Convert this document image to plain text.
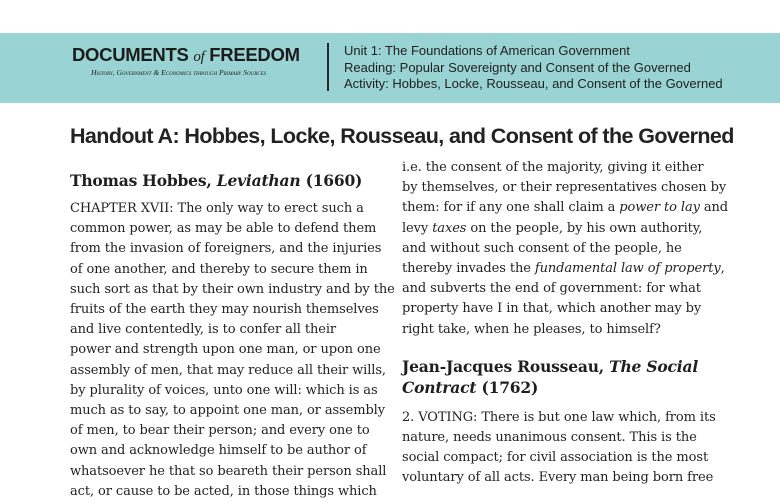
DOCUMENTS of FREEDOM
History, Government & Economics through Primary Sources
Unit 1: The Foundations of American Government
Reading: Popular Sovereignty and Consent of the Governed
Activity: Hobbes, Locke, Rousseau, and Consent of the Governed
Handout A: Hobbes, Locke, Rousseau, and Consent of the Governed
Thomas Hobbes, Leviathan (1660)
CHAPTER XVII: The only way to erect such a
common power, as may be able to defend them
from the invasion of foreigners, and the injuries
of one another, and thereby to secure them in
such sort as that by their own industry and by the
fruits of the earth they may nourish themselves
and live contentedly, is to confer all their
power and strength upon one man, or upon one
assembly of men, that may reduce all their wills,
by plurality of voices, unto one will: which is as
much as to say, to appoint one man, or assembly
of men, to bear their person; and every one to
own and acknowledge himself to be author of
whatsoever he that so beareth their person shall
act, or cause to be acted, in those things which
i.e. the consent of the majority, giving it either
by themselves, or their representatives chosen by
them: for if any one shall claim a power to lay and
levy taxes on the people, by his own authority,
and without such consent of the people, he
thereby invades the fundamental law of property,
and subverts the end of government: for what
property have I in that, which another may by
right take, when he pleases, to himself?
Jean-Jacques Rousseau, The Social
Contract (1762)
2. VOTING: There is but one law which, from its
nature, needs unanimous consent. This is the
social compact; for civil association is the most
voluntary of all acts. Every man being born free
